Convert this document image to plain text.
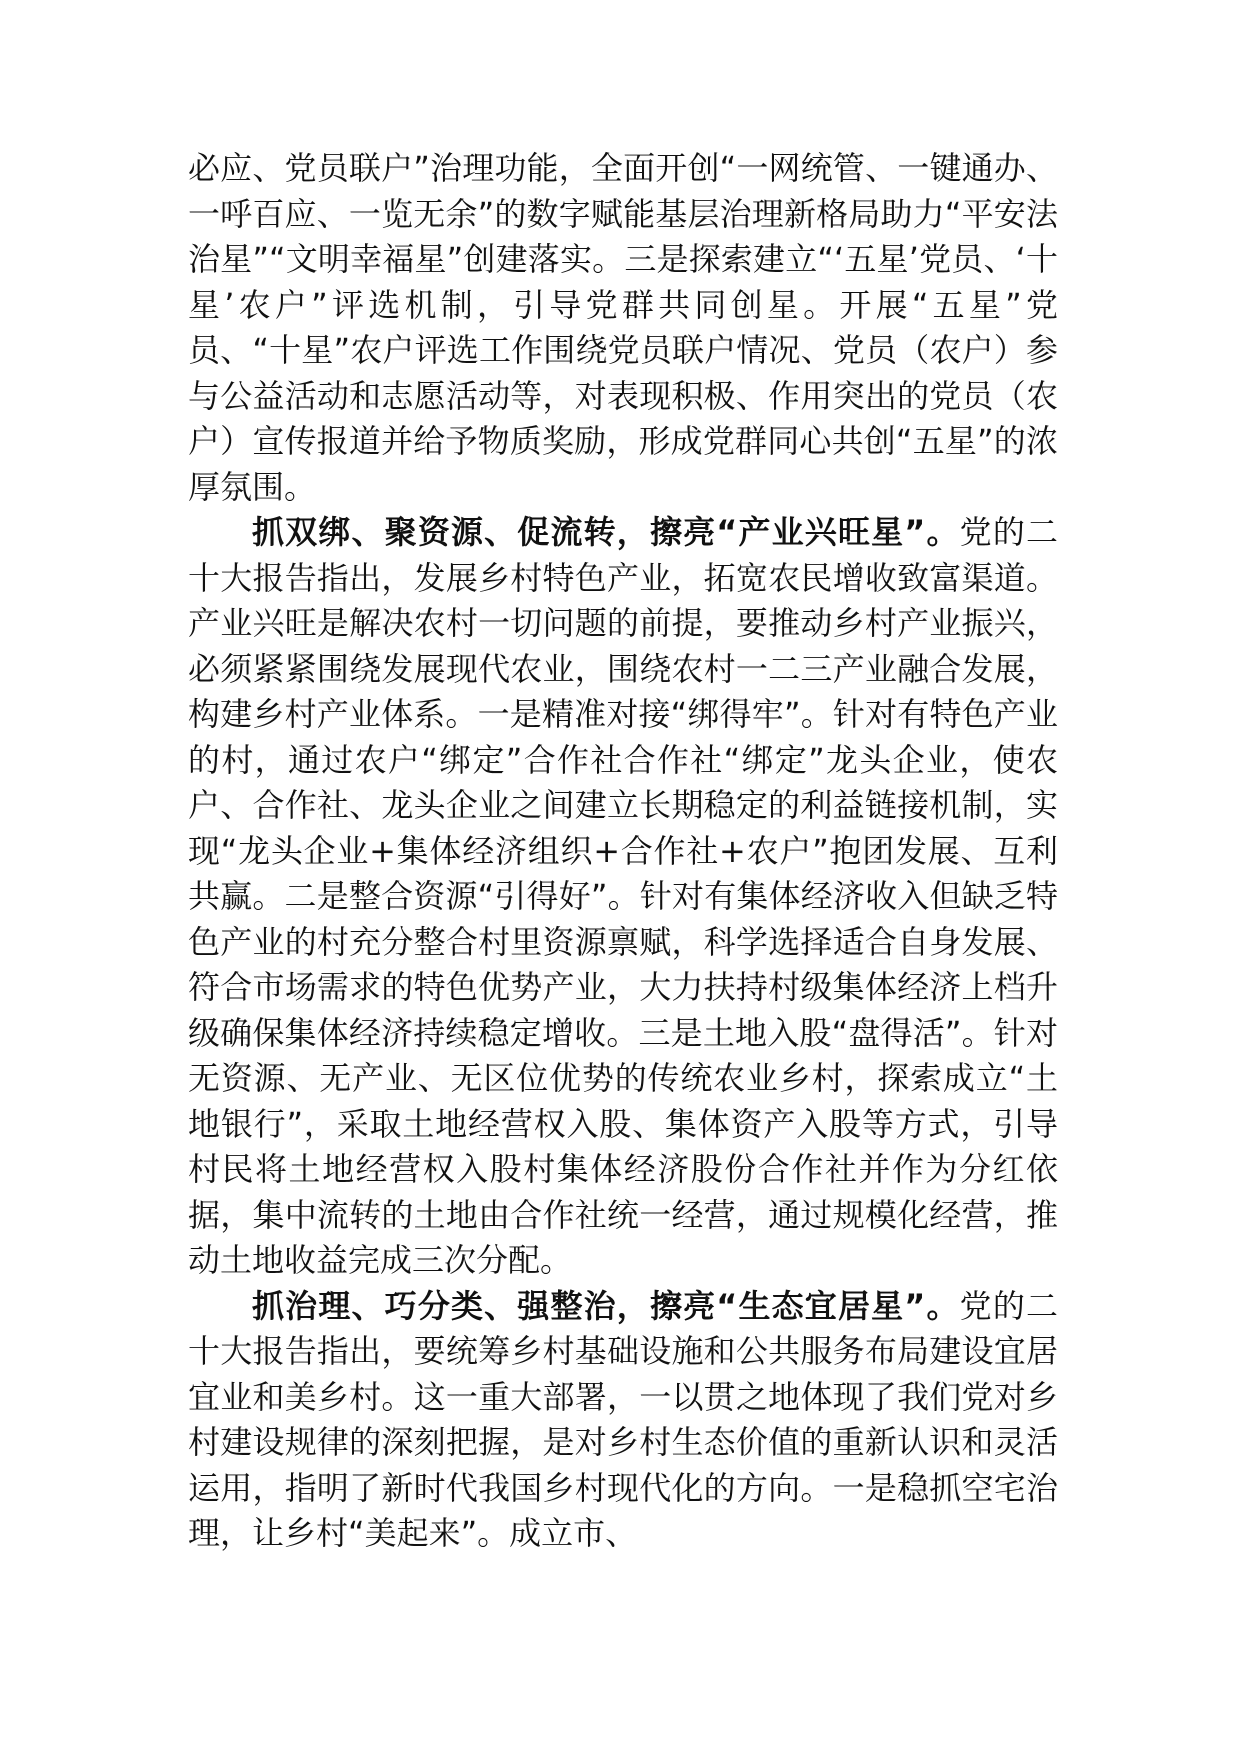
必应、党员联户”治理功能，全面开创“一网统管、一键通办、一呼百应、一览无余”的数字赋能基层治理新格局助力“平安法治星”“文明幸福星”创建落实。三是探索建立“‘五星’党员、‘十星’农户”评选机制，引导党群共同创星。开展“五星”党员、“十星”农户评选工作围绕党员联户情况、党员（农户）参与公益活动和志愿活动等，对表现积极、作用突出的党员（农户）宣传报道并给予物质奖励，形成党群同心共创“五星”的浓厚氛围。

抓双绑、聚资源、促流转，擦亮“产业兴旺星”。党的二十大报告指出，发展乡村特色产业，拓宽农民增收致富渠道。产业兴旺是解决农村一切问题的前提，要推动乡村产业振兴，必须紧紧围绕发展现代农业，围绕农村一二三产业融合发展，构建乡村产业体系。一是精准对接“绑得牢”。针对有特色产业的村，通过农户“绑定”合作社合作社“绑定”龙头企业，使农户、合作社、龙头企业之间建立长期稳定的利益链接机制，实现“龙头企业+集体经济组织+合作社+农户”抱团发展、互利共赢。二是整合资源“引得好”。针对有集体经济收入但缺乏特色产业的村充分整合村里资源禀赋，科学选择适合自身发展、符合市场需求的特色优势产业，大力扶持村级集体经济上档升级确保集体经济持续稳定增收。三是土地入股“盘得活”。针对无资源、无产业、无区位优势的传统农业乡村，探索成立“土地银行”，采取土地经营权入股、集体资产入股等方式，引导村民将土地经营权入股村集体经济股份合作社并作为分红依据，集中流转的土地由合作社统一经营，通过规模化经营，推动土地收益完成三次分配。

抓治理、巧分类、强整治，擦亮“生态宜居星”。党的二十大报告指出，要统筹乡村基础设施和公共服务布局建设宜居宜业和美乡村。这一重大部署，一以贯之地体现了我们党对乡村建设规律的深刻把握，是对乡村生态价值的重新认识和灵活运用，指明了新时代我国乡村现代化的方向。一是稳抓空宅治理，让乡村“美起来”。成立市、
